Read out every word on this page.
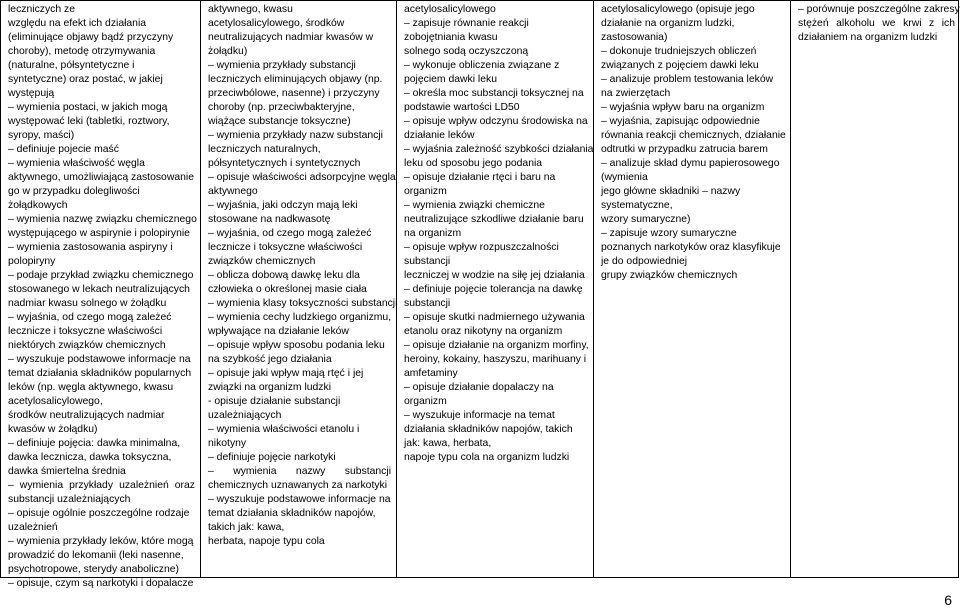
leczniczych ze
względu na efekt ich działania
(eliminujące objawy bądź przyczyny
choroby), metodę otrzymywania
(naturalne, półsyntetyczne i
syntetyczne) oraz postać, w jakiej
występują
– wymienia postaci, w jakich mogą
występować leki (tabletki, roztwory,
syropy, maści)
– definiuje pojecie maść
– wymienia właściwość węgla
aktywnego, umożliwiającą zastosowanie
go w przypadku dolegliwości
żołądkowych
– wymienia nazwę związku chemicznego
występującego w aspirynie i polopirynie
– wymienia zastosowania aspiryny i
polopiryny
– podaje przykład związku chemicznego
stosowanego w lekach neutralizujących
nadmiar kwasu solnego w żołądku
– wyjaśnia, od czego mogą zależeć
lecznicze i toksyczne właściwości
niektórych związków chemicznych
– wyszukuje podstawowe informacje na
temat działania składników popularnych
leków (np. węgla aktywnego, kwasu
acetylosalicylowego,
środków neutralizujących nadmiar
kwasów w żołądku)
– definiuje pojęcia: dawka minimalna,
dawka lecznicza, dawka toksyczna,
dawka śmiertelna średnia
– wymienia przykłady uzależnień oraz
substancji uzależniających
– opisuje ogólnie poszczególne rodzaje
uzależnień
– wymienia przykłady leków, które mogą
prowadzić do lekomanii (leki nasenne,
psychotropowe, sterydy anaboliczne)
– opisuje, czym są narkotyki i dopalacze
aktywnego, kwasu
acetylosalicylowego, środków
neutralizujących nadmiar kwasów w
żołądku)
– wymienia przykłady substancji
leczniczych eliminujących objawy (np.
przeciwbólowe, nasenne) i przyczyny
choroby (np. przeciwbakteryjne,
wiążące substancje toksyczne)
– wymienia przykłady nazw substancji
leczniczych naturalnych,
półsyntetycznych i syntetycznych
– opisuje właściwości adsorpcyjne węgla
aktywnego
– wyjaśnia, jaki odczyn mają leki
stosowane na nadkwasotę
– wyjaśnia, od czego mogą zależeć
lecznicze i toksyczne właściwości
związków chemicznych
– oblicza dobową dawkę leku dla
człowieka o określonej masie ciała
– wymienia klasy toksyczności substancji
– wymienia cechy ludzkiego organizmu,
wpływające na działanie leków
– opisuje wpływ sposobu podania leku
na szybkość jego działania
– opisuje jaki wpływ mają rtęć i jej
związki na organizm ludzki
- opisuje działanie substancji
uzależniających
– wymienia właściwości etanolu i
nikotyny
– definiuje pojęcie narkotyki
– wymienia nazwy substancji
chemicznych uznawanych za narkotyki
– wyszukuje podstawowe informacje na
temat działania składników napojów,
takich jak: kawa,
herbata, napoje typu cola
acetylosalicylowego
– zapisuje równanie reakcji
zobojętniania kwasu
solnego sodą oczyszczoną
– wykonuje obliczenia związane z
pojęciem dawki leku
– określa moc substancji toksycznej na
podstawie wartości LD50
– opisuje wpływ odczynu środowiska na
działanie leków
– wyjaśnia zależność szybkości działania
leku od sposobu jego podania
– opisuje działanie rtęci i baru na
organizm
– wymienia związki chemiczne
neutralizujące szkodliwe działanie baru
na organizm
– opisuje wpływ rozpuszczalności
substancji
leczniczej w wodzie na siłę jej działania
– definiuje pojęcie tolerancja na dawkę
substancji
– opisuje skutki nadmiernego używania
etanolu oraz nikotyny na organizm
– opisuje działanie na organizm morfiny,
heroiny, kokainy, haszyszu, marihuany i
amfetaminy
– opisuje działanie dopalaczy na
organizm
– wyszukuje informacje na temat
działania składników napojów, takich
jak: kawa, herbata,
napoje typu cola na organizm ludzki
acetylosalicylowego (opisuje jego
działanie na organizm ludzki,
zastosowania)
– dokonuje trudniejszych obliczeń
związanych z pojęciem dawki leku
– analizuje problem testowania leków
na zwierzętach
– wyjaśnia wpływ baru na organizm
– wyjaśnia, zapisując odpowiednie
równania reakcji chemicznych, działanie
odtrutki w przypadku zatrucia barem
– analizuje skład dymu papierosowego
(wymienia
jego główne składniki – nazwy
systematyczne,
wzory sumaryczne)
– zapisuje wzory sumaryczne
poznanych narkotyków oraz klasyfikuje
je do odpowiedniej
grupy związków chemicznych
– porównuje poszczególne zakresy
stężeń alkoholu we krwi z ich
działaniem na organizm ludzki
6
